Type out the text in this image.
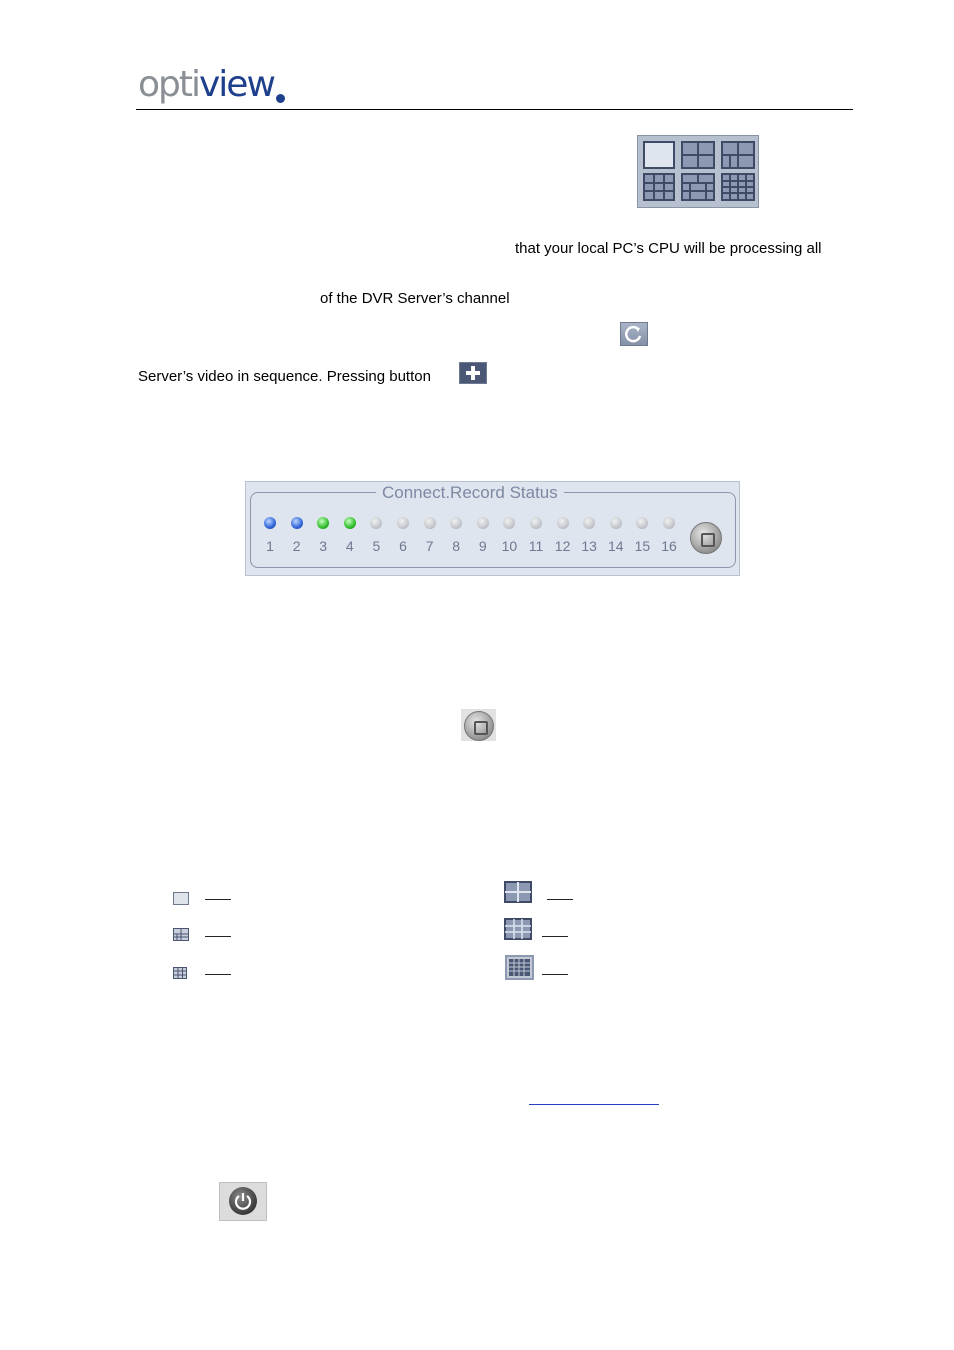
optiview
that your local PC’s CPU will be processing all
of the DVR Server’s channel
Server’s video in sequence. Pressing button
Connect.Record Status
1	2	3	4	5	6	7	8	9	10 11 12 13 14 15 16
——
——
——
——
——
——
